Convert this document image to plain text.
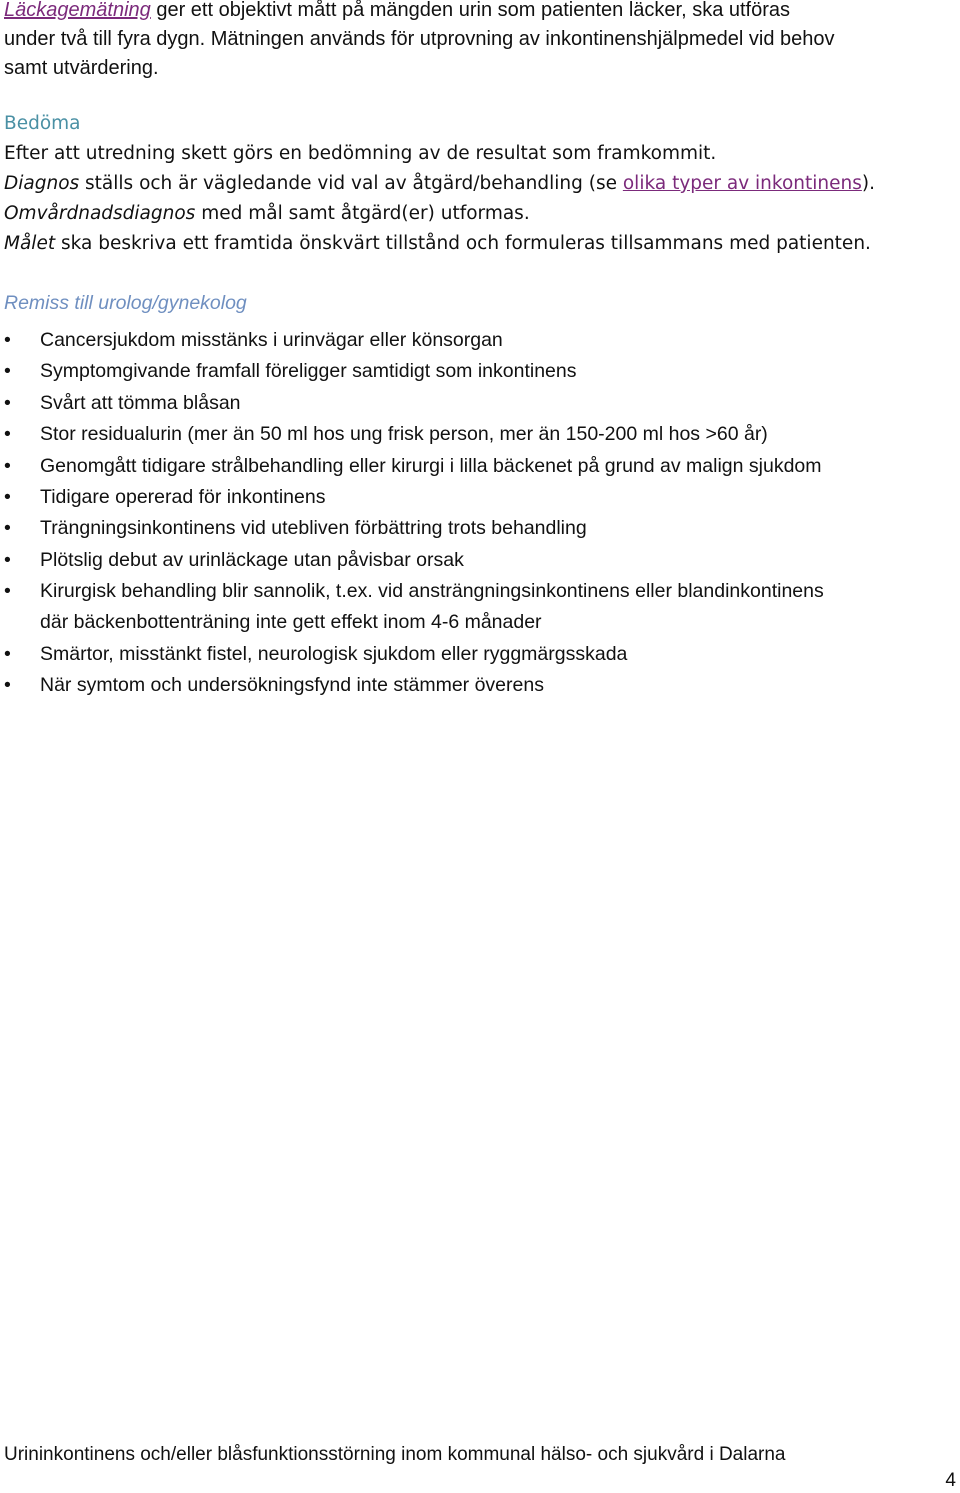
Läckagemätning ger ett objektivt mått på mängden urin som patienten läcker, ska utföras
under två till fyra dygn. Mätningen används för utprovning av inkontinenshjälpmedel vid behov
samt utvärdering.
Bedöma
Efter att utredning skett görs en bedömning av de resultat som framkommit.
Diagnos ställs och är vägledande vid val av åtgärd/behandling (se olika typer av inkontinens).
Omvårdnadsdiagnos med mål samt åtgärd(er) utformas.
Målet ska beskriva ett framtida önskvärt tillstånd och formuleras tillsammans med patienten.
Remiss till urolog/gynekolog
• Cancersjukdom misstänks i urinvägar eller könsorgan
• Symptomgivande framfall föreligger samtidigt som inkontinens
• Svårt att tömma blåsan
• Stor residualurin (mer än 50 ml hos ung frisk person, mer än 150-200 ml hos >60 år)
• Genomgått tidigare strålbehandling eller kirurgi i lilla bäckenet på grund av malign sjukdom
• Tidigare opererad för inkontinens
• Trängningsinkontinens vid utebliven förbättring trots behandling
• Plötslig debut av urinläckage utan påvisbar orsak
• Kirurgisk behandling blir sannolik, t.ex. vid ansträngningsinkontinens eller blandinkontinens
där bäckenbottenträning inte gett effekt inom 4-6 månader
• Smärtor, misstänkt fistel, neurologisk sjukdom eller ryggmärgsskada
• När symtom och undersökningsfynd inte stämmer överens
Urininkontinens och/eller blåsfunktionsstörning inom kommunal hälso- och sjukvård i Dalarna
4
